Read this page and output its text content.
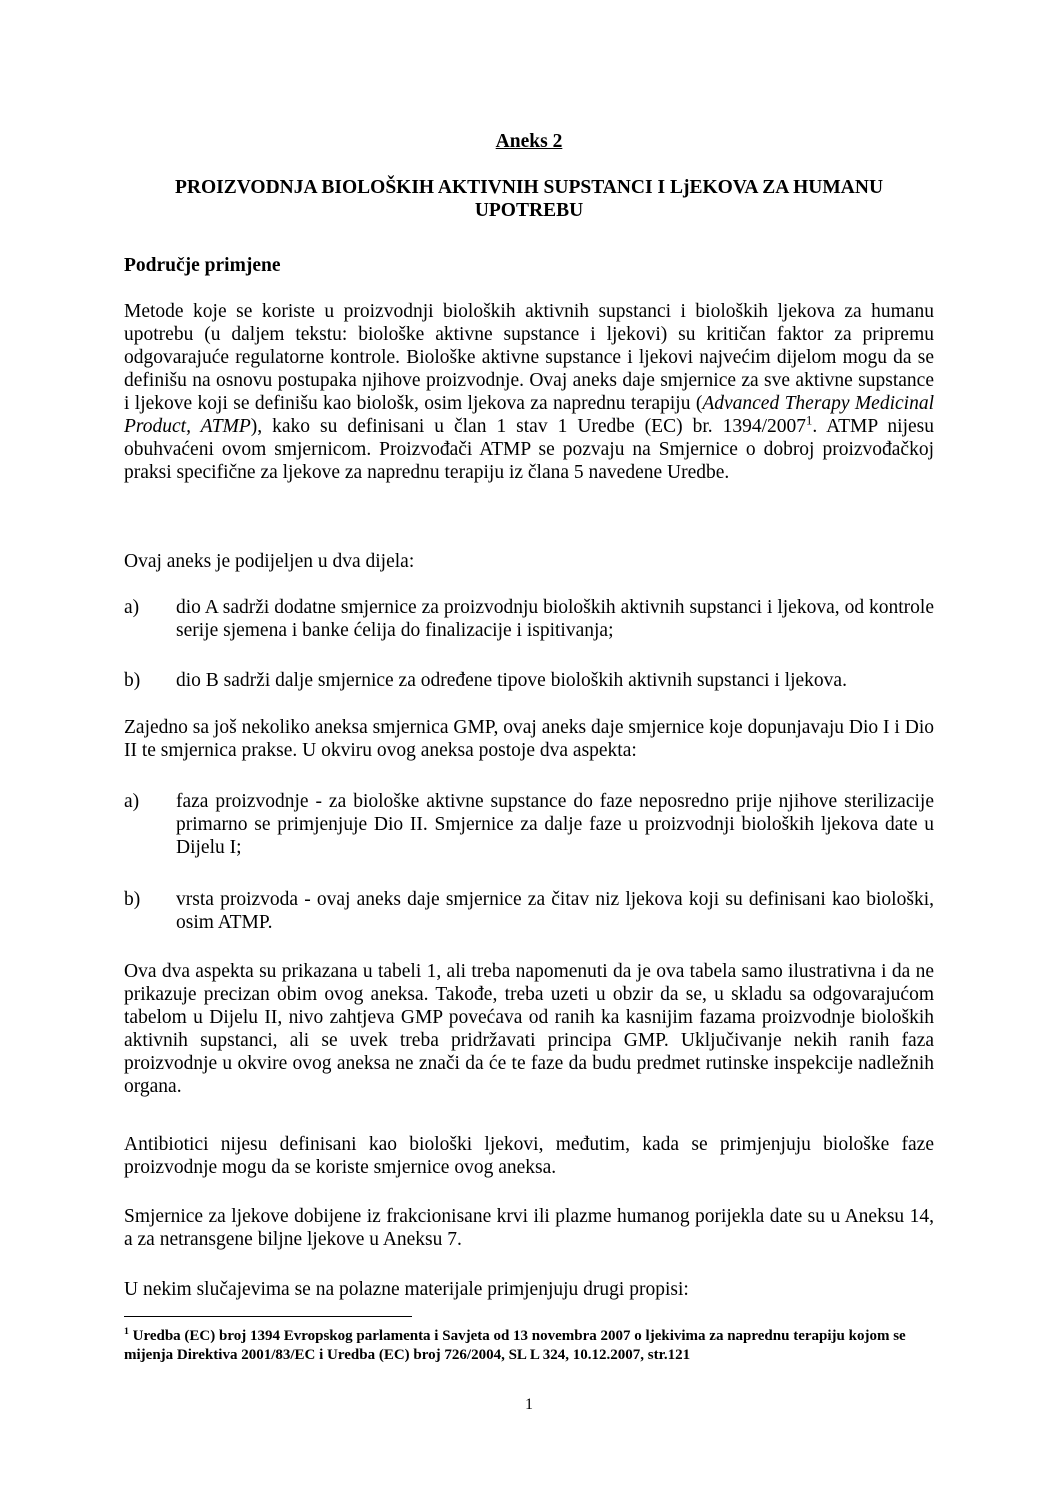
Aneks 2
PROIZVODNJA BIOLOŠKIH AKTIVNIH SUPSTANCI I LjEKOVA ZA HUMANU UPOTREBU
Područje primjene

Metode koje se koriste u proizvodnji bioloških aktivnih supstanci i bioloških ljekova za humanu upotrebu (u daljem tekstu: biološke aktivne supstance i ljekovi) su kritičan faktor za pripremu odgovarajuće regulatorne kontrole. Biološke aktivne supstance i ljekovi najvećim dijelom mogu da se definišu na osnovu postupaka njihove proizvodnje. Ovaj aneks daje smjernice za sve aktivne supstance i ljekove koji se definišu kao biološk, osim ljekova za naprednu terapiju (Advanced Therapy Medicinal Product, ATMP), kako su definisani u član 1 stav 1 Uredbe (EC) br. 1394/2007$^1$. ATMP nijesu obuhvaćeni ovom smjernicom. Proizvođači ATMP se pozvaju na Smjernice o dobroj proizvođačkoj praksi specifične za ljekove za naprednu terapiju iz člana 5 navedene Uredbe.

Ovaj aneks je podijeljen u dva dijela:

a) dio A sadrži dodatne smjernice za proizvodnju bioloških aktivnih supstanci i ljekova, od kontrole serije sjemena i banke ćelija do finalizacije i ispitivanja;
b) dio B sadrži dalje smjernice za određene tipove bioloških aktivnih supstanci i ljekova.

Zajedno sa još nekoliko aneksa smjernica GMP, ovaj aneks daje smjernice koje dopunjavaju Dio I i Dio II te smjernica prakse. U okviru ovog aneksa postoje dva aspekta:

a) faza proizvodnje - za biološke aktivne supstance do faze neposredno prije njihove sterilizacije primarno se primjenjuje Dio II. Smjernice za dalje faze u proizvodnji bioloških ljekova date u Dijelu I;
b) vrsta proizvoda - ovaj aneks daje smjernice za čitav niz ljekova koji su definisani kao biološki, osim ATMP.

Ova dva aspekta su prikazana u tabeli 1, ali treba napomenuti da je ova tabela samo ilustrativna i da ne prikazuje precizan obim ovog aneksa. Takođe, treba uzeti u obzir da se, u skladu sa odgovarajućom tabelom u Dijelu II, nivo zahtjeva GMP povećava od ranih ka kasnijim fazama proizvodnje bioloških aktivnih supstanci, ali se uvek treba pridržavati principa GMP. Uključivanje nekih ranih faza proizvodnje u okvire ovog aneksa ne znači da će te faze da budu predmet rutinske inspekcije nadležnih organa.

Antibiotici nijesu definisani kao biološki ljekovi, međutim, kada se primjenjuju biološke faze proizvodnje mogu da se koriste smjernice ovog aneksa.

Smjernice za ljekove dobijene iz frakcionisane krvi ili plazme humanog porijekla date su u Aneksu 14, a za netransgene biljne ljekove u Aneksu 7.

U nekim slučajevima se na polazne materijale primjenjuju drugi propisi:

$^1$ Uredba (EC) broj 1394 Evropskog parlamenta i Savjeta od 13 novembra 2007 o ljekivima za naprednu terapiju kojom se mijenja Direktiva 2001/83/EC i Uredba (EC) broj 726/2004, SL L 324, 10.12.2007, str.121
1
